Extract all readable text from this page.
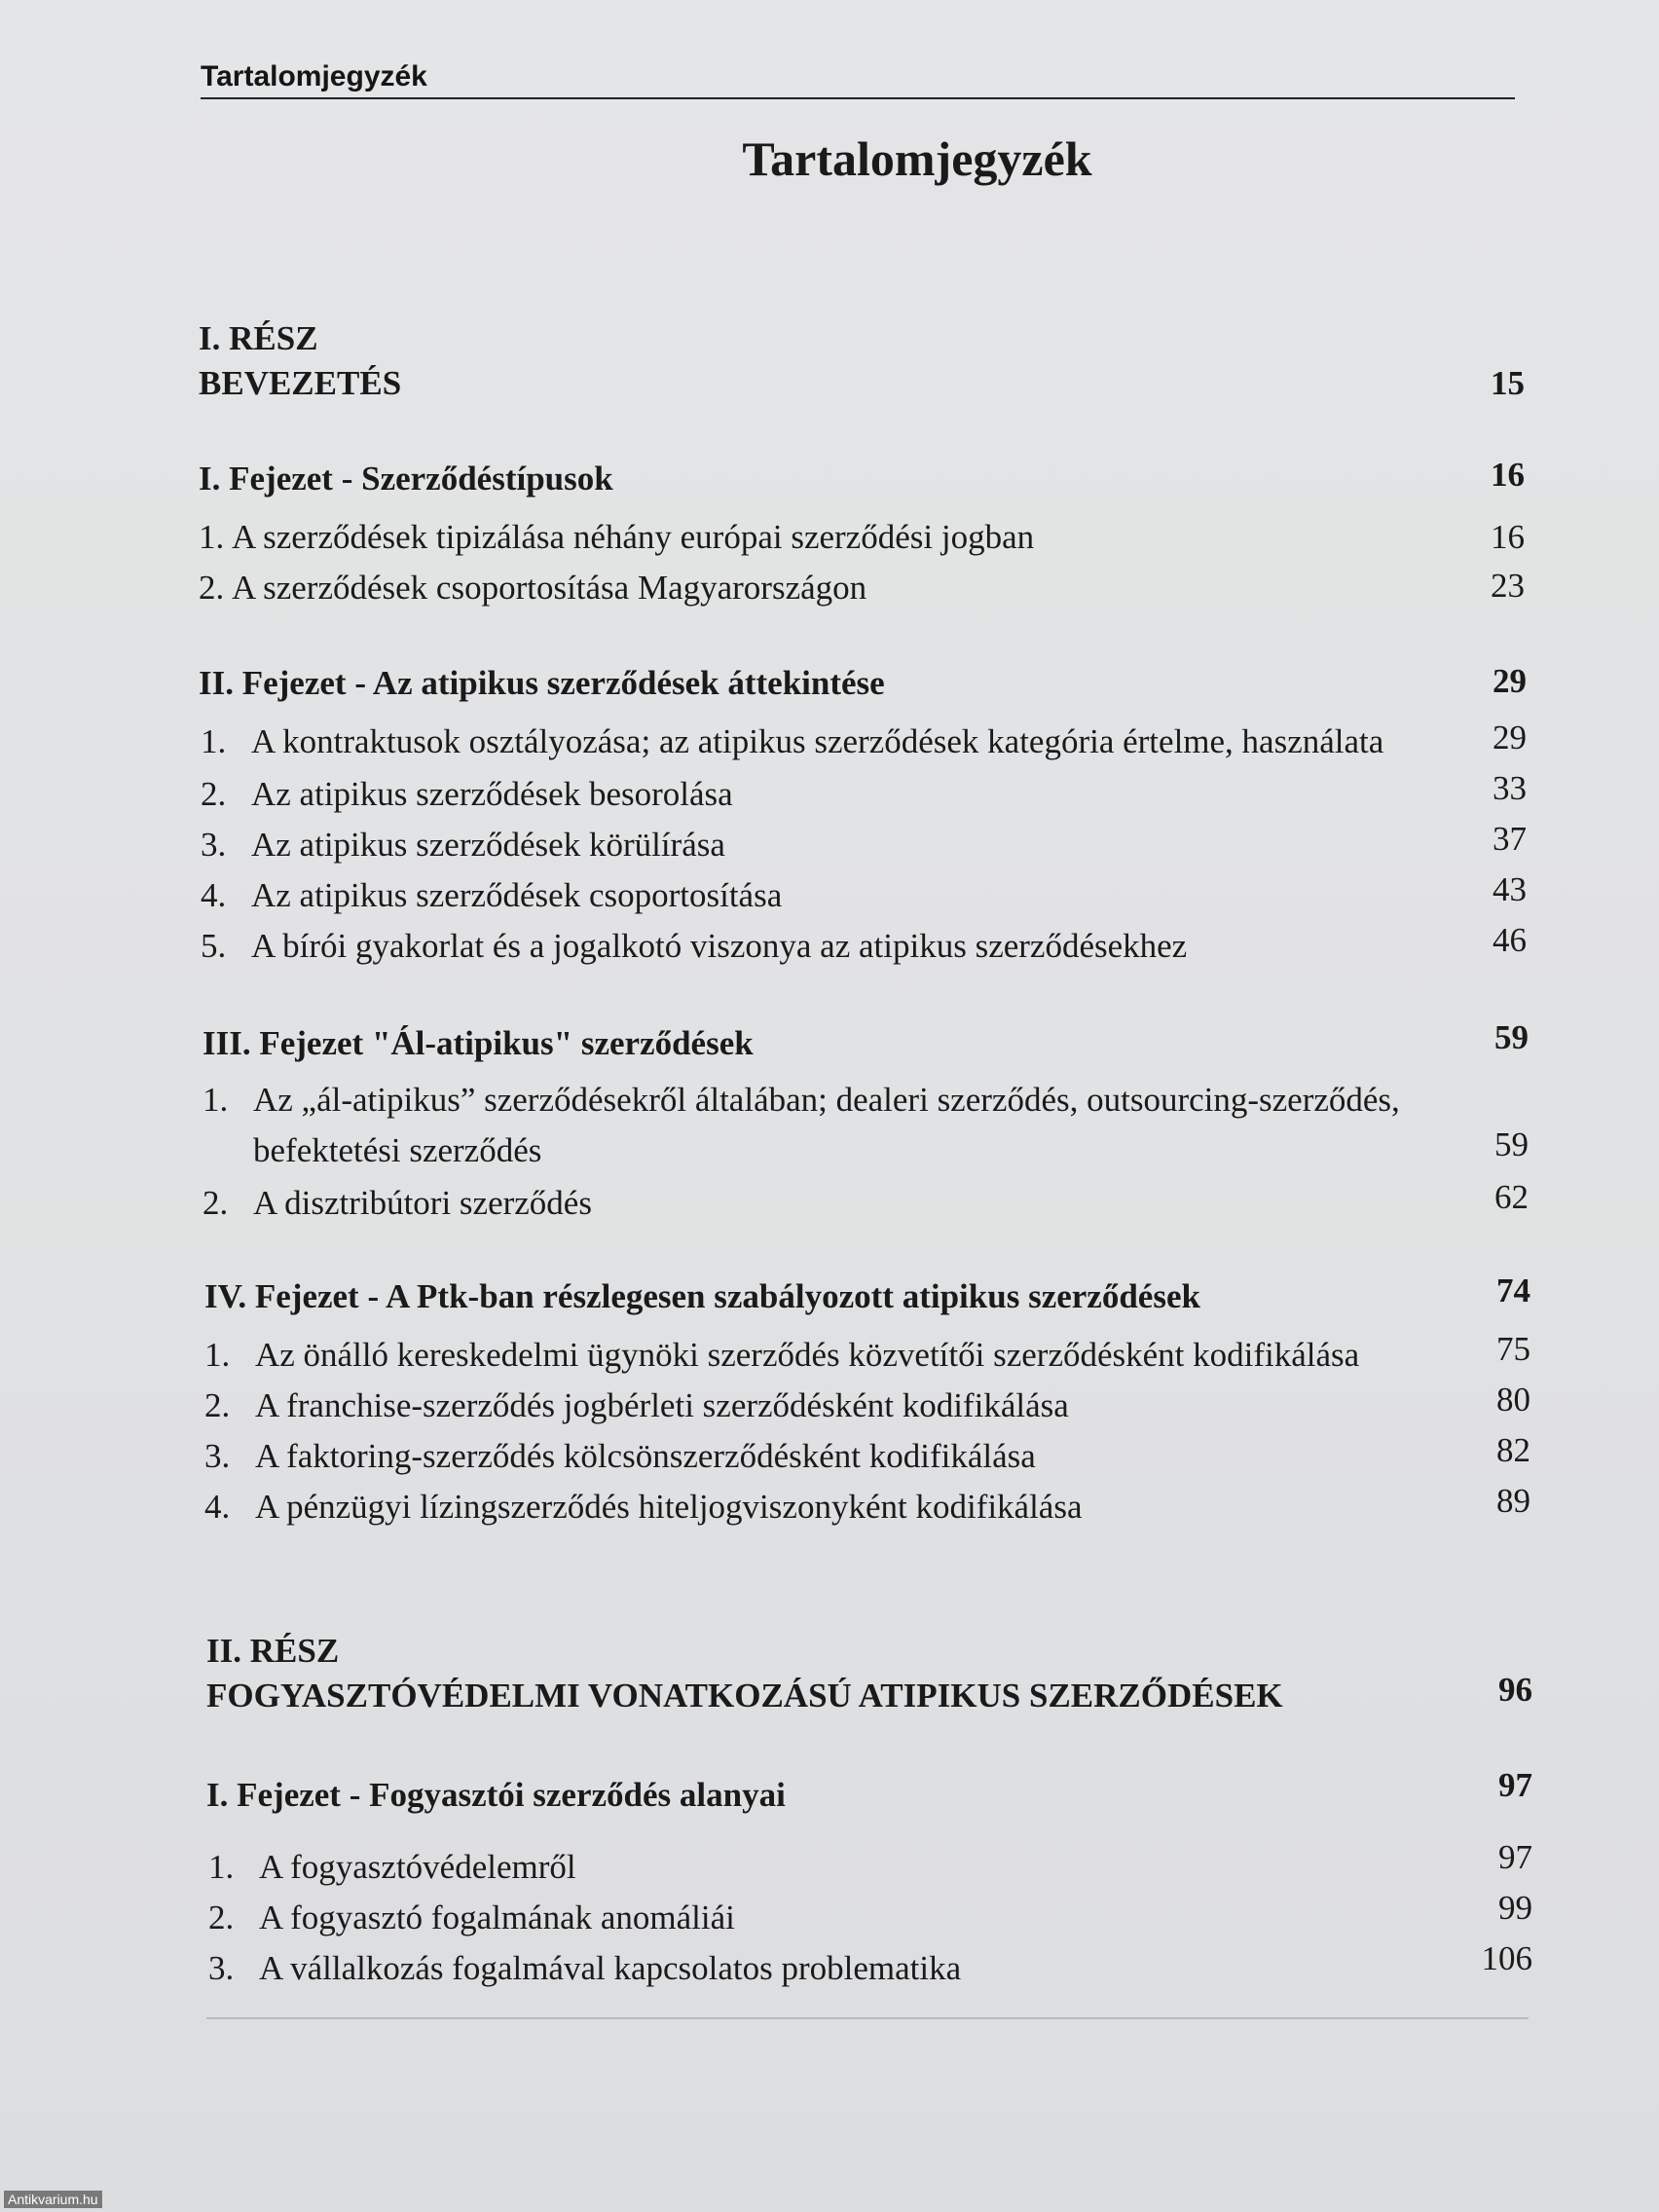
Tartalomjegyzék
Tartalomjegyzék
I. RÉSZ
BEVEZETÉS	15
I. Fejezet - Szerződéstípusok	16
1. A szerződések tipizálása néhány európai szerződési jogban	16
2. A szerződések csoportosítása Magyarországon	23
II. Fejezet - Az atipikus szerződések áttekintése	29
1. A kontraktusok osztályozása; az atipikus szerződések kategória értelme, használata	29
2. Az atipikus szerződések besorolása	33
3. Az atipikus szerződések körülírása	37
4. Az atipikus szerződések csoportosítása	43
5. A bírói gyakorlat és a jogalkotó viszonya az atipikus szerződésekhez	46
III. Fejezet "Ál-atipikus" szerződések	59
1. Az „ál-atipikus” szerződésekről általában; dealeri szerződés, outsourcing-szerződés,
befektetési szerződés	59
2. A disztribútori szerződés	62
IV. Fejezet - A Ptk-ban részlegesen szabályozott atipikus szerződések	74
1. Az önálló kereskedelmi ügynöki szerződés közvetítői szerződésként kodifikálása	75
2. A franchise-szerződés jogbérleti szerződésként kodifikálása	80
3. A faktoring-szerződés kölcsönszerződésként kodifikálása	82
4. A pénzügyi lízingszerződés hiteljogviszonyként kodifikálása	89
II. RÉSZ
FOGYASZTÓVÉDELMI VONATKOZÁSÚ ATIPIKUS SZERZŐDÉSEK	96
I. Fejezet - Fogyasztói szerződés alanyai	97
1. A fogyasztóvédelemről	97
2. A fogyasztó fogalmának anomáliái	99
3. A vállalkozás fogalmával kapcsolatos problematika	106
Antikvarium.hu
